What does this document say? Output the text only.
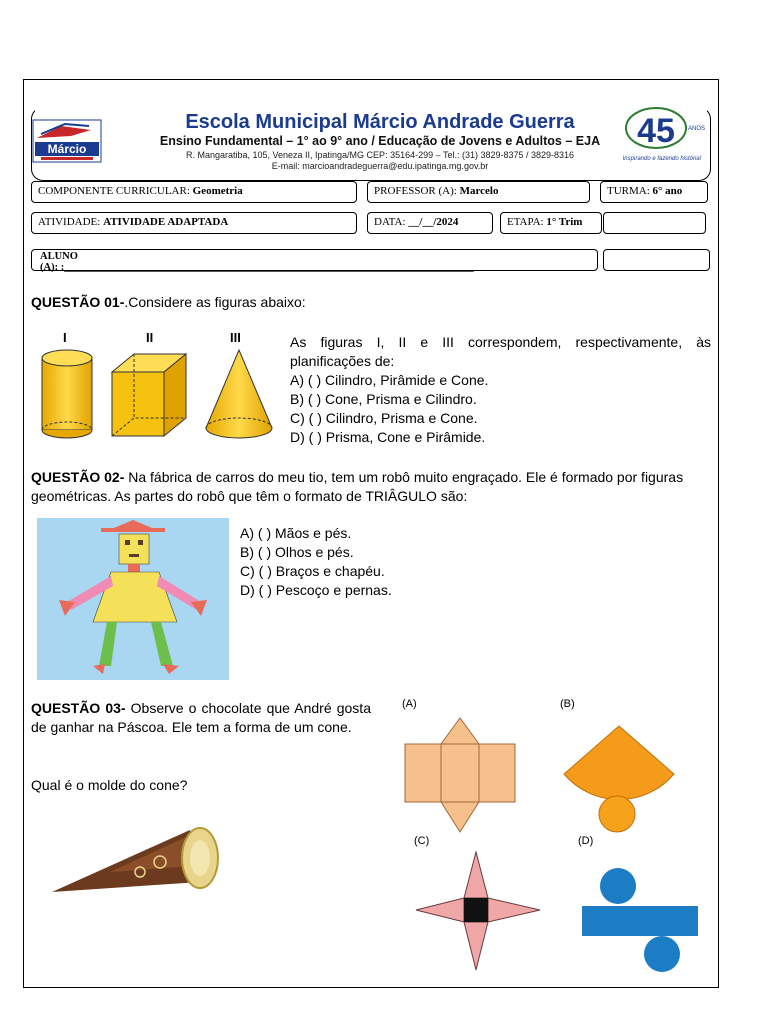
Márcio
Escola Municipal Márcio Andrade Guerra
Ensino Fundamental – 1° ao 9° ano / Educação de Jovens e Adultos – EJA
R. Mangaratiba, 105, Veneza II, Ipatinga/MG CEP: 35164-299 – Tel.: (31) 3829-8375 / 3829-8316
E-mail: marcioandradeguerra@edu.ipatinga.mg.gov.br
45 ANOS
Inspirando e fazendo história!
COMPONENTE CURRICULAR: Geometria	PROFESSOR (A): Marcelo	TURMA: 6° ano
ATIVIDADE: ATIVIDADE ADAPTADA	DATA: __/__/2024	ETAPA: 1° Trim
ALUNO
(A): :______________________________________________________________________________
QUESTÃO 01-.Considere as figuras abaixo:
I	II	III	As figuras I, II e III correspondem, respectivamente, às planificações de:
A) ( ) Cilindro, Pirâmide e Cone.
B) ( ) Cone, Prisma e Cilindro.
C) ( ) Cilindro, Prisma e Cone.
D) ( ) Prisma, Cone e Pirâmide.
QUESTÃO 02- Na fábrica de carros do meu tio, tem um robô muito engraçado. Ele é formado por figuras geométricas. As partes do robô que têm o formato de TRIÂGULO são:
A) ( ) Mãos e pés.
B) ( ) Olhos e pés.
C) ( ) Braços e chapéu.
D) ( ) Pescoço e pernas.
QUESTÃO 03- Observe o chocolate que André gosta de ganhar na Páscoa. Ele tem a forma de um cone.
Qual é o molde do cone?
(A)	(B)
(C)	(D)
